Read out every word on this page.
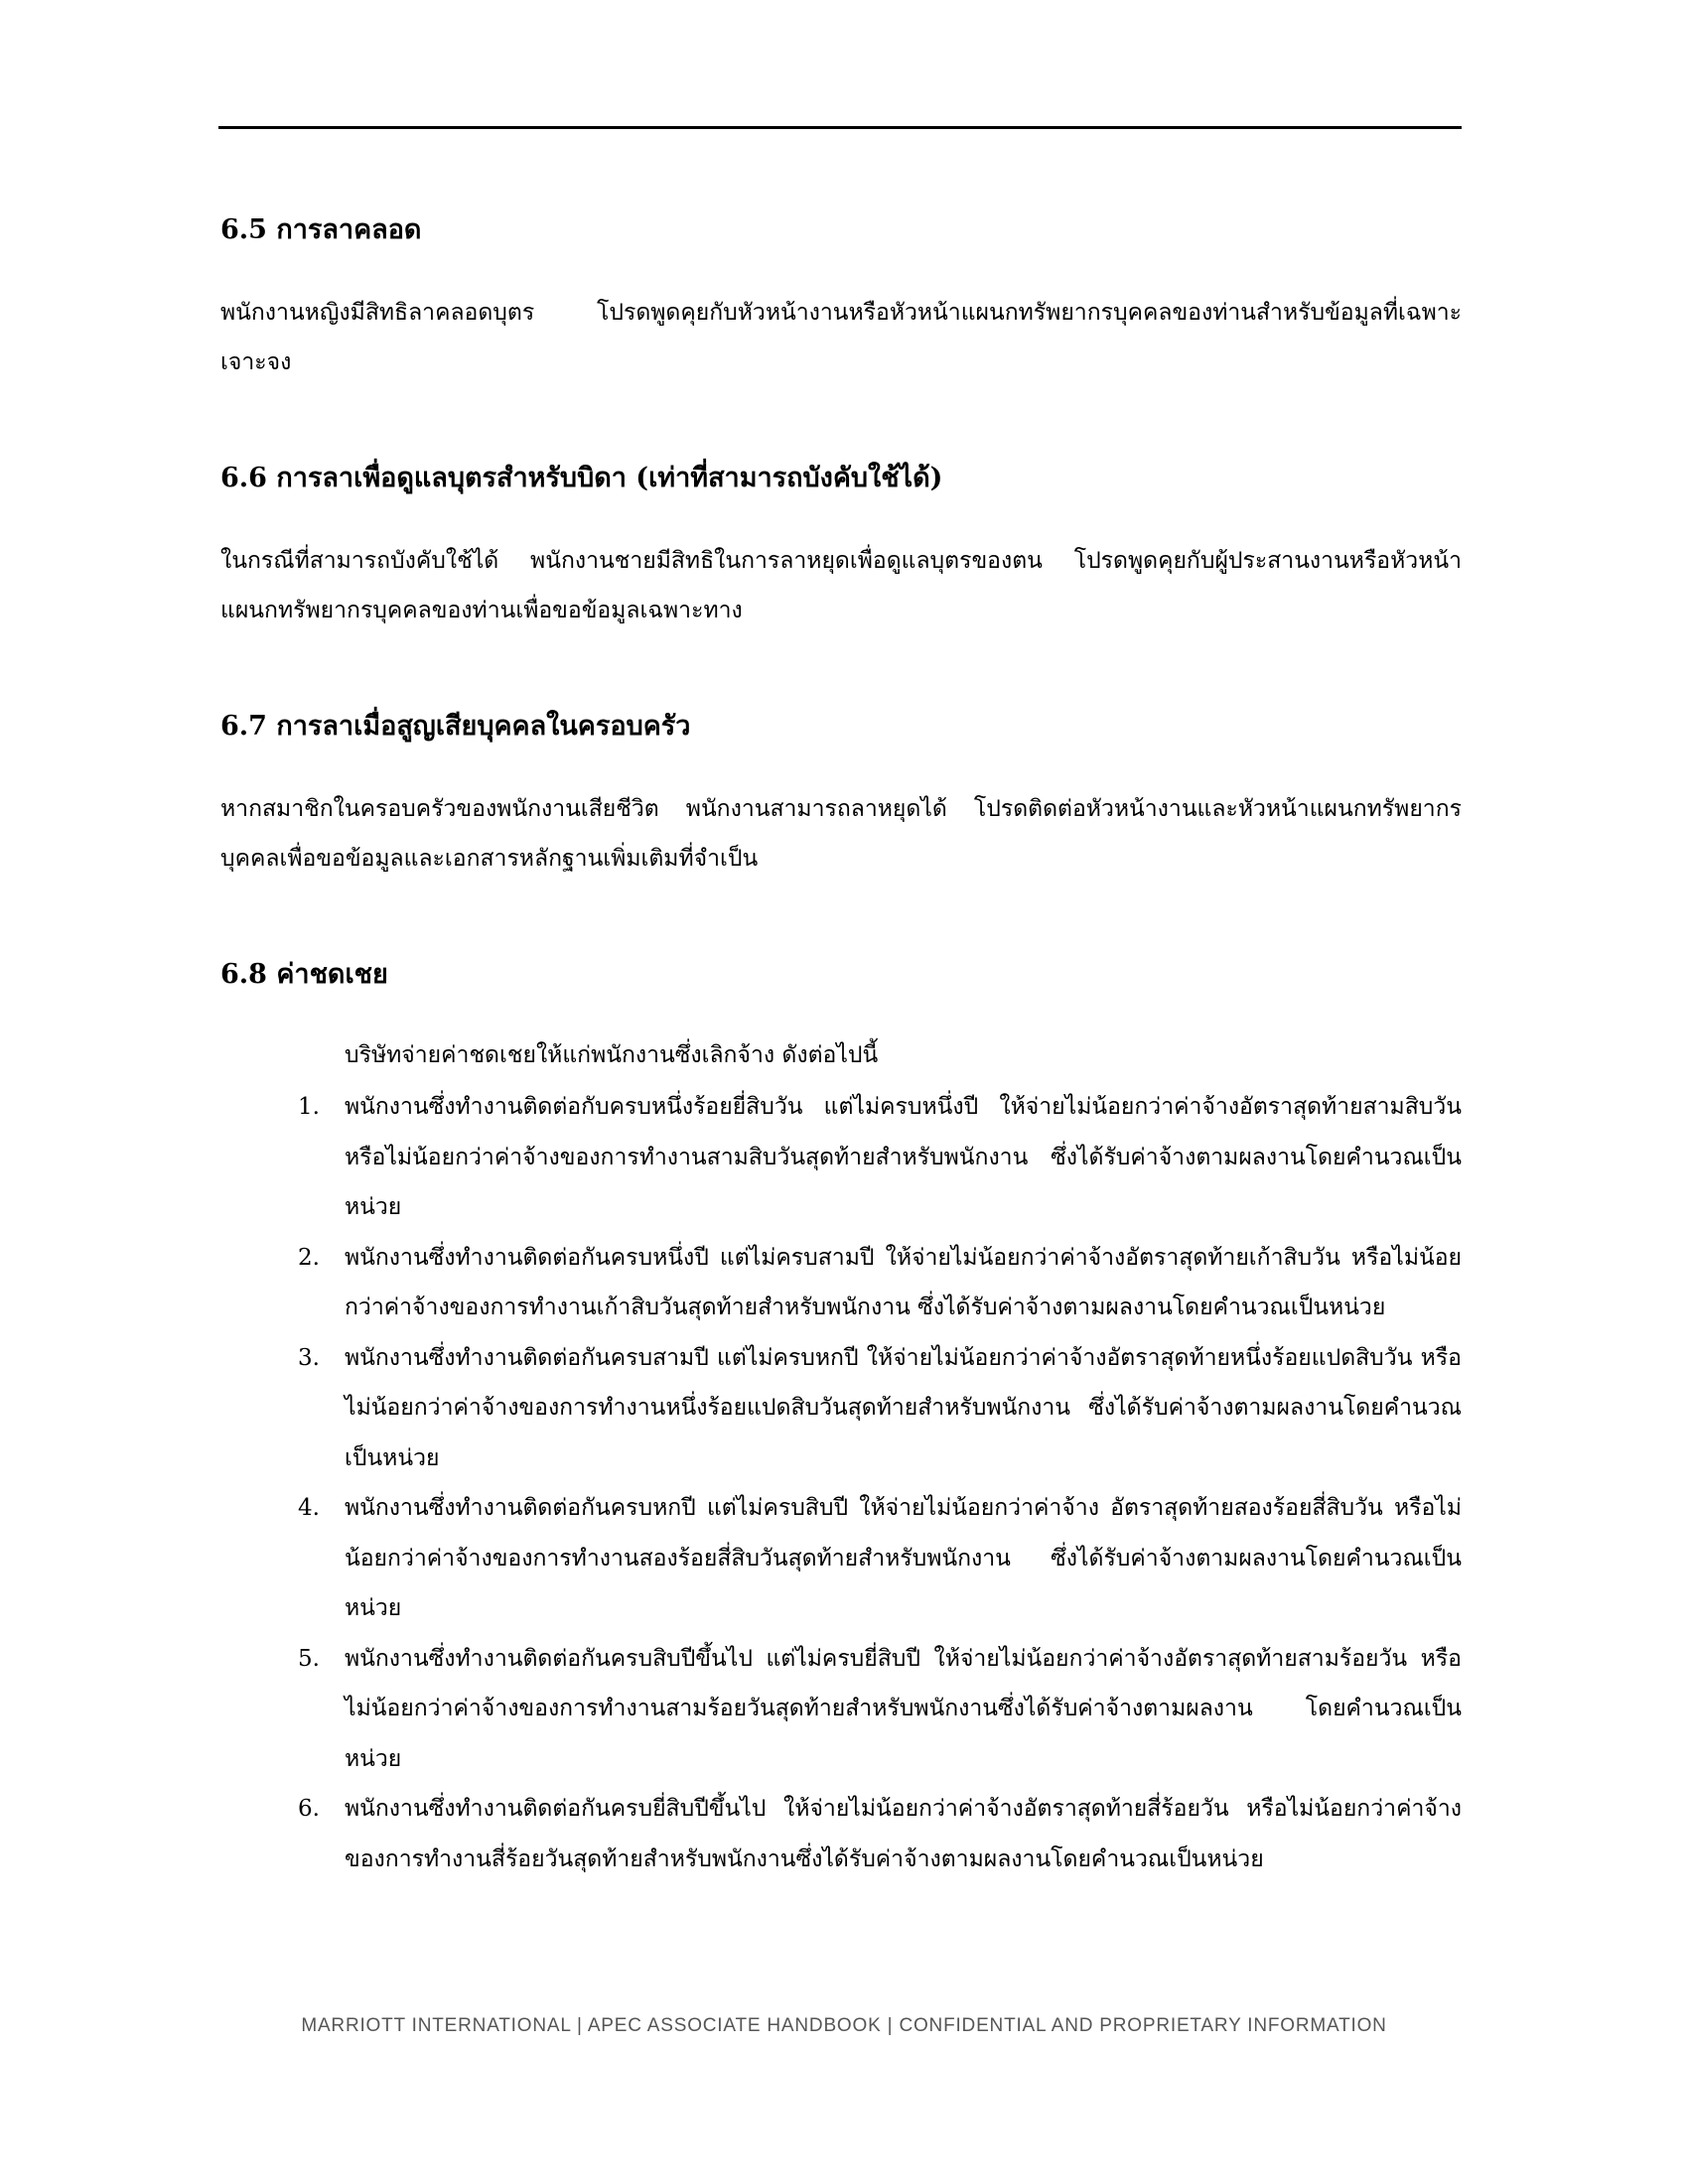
6.5 การลาคลอด

พนักงานหญิงมีสิทธิลาคลอดบุตร โปรดพูดคุยกับหัวหน้างานหรือหัวหน้าแผนกทรัพยากรบุคคลของท่านสำหรับข้อมูลที่เฉพาะเจาะจง

6.6 การลาเพื่อดูแลบุตรสำหรับบิดา (เท่าที่สามารถบังคับใช้ได้)

ในกรณีที่สามารถบังคับใช้ได้ พนักงานชายมีสิทธิในการลาหยุดเพื่อดูแลบุตรของตน โปรดพูดคุยกับผู้ประสานงานหรือหัวหน้าแผนกทรัพยากรบุคคลของท่านเพื่อขอข้อมูลเฉพาะทาง

6.7 การลาเมื่อสูญเสียบุคคลในครอบครัว

หากสมาชิกในครอบครัวของพนักงานเสียชีวิต พนักงานสามารถลาหยุดได้ โปรดติดต่อหัวหน้างานและหัวหน้าแผนกทรัพยากรบุคคลเพื่อขอข้อมูลและเอกสารหลักฐานเพิ่มเติมที่จำเป็น

6.8 ค่าชดเชย
บริษัทจ่ายค่าชดเชยให้แก่พนักงานซึ่งเลิกจ้าง ดังต่อไปนี้
1. พนักงานซึ่งทำงานติดต่อกับครบหนึ่งร้อยยี่สิบวัน แต่ไม่ครบหนึ่งปี ให้จ่ายไม่น้อยกว่าค่าจ้างอัตราสุดท้ายสามสิบวัน หรือไม่น้อยกว่าค่าจ้างของการทำงานสามสิบวันสุดท้ายสำหรับพนักงาน ซึ่งได้รับค่าจ้างตามผลงานโดยคำนวณเป็นหน่วย
2. พนักงานซึ่งทำงานติดต่อกันครบหนึ่งปี แต่ไม่ครบสามปี ให้จ่ายไม่น้อยกว่าค่าจ้างอัตราสุดท้ายเก้าสิบวัน หรือไม่น้อยกว่าค่าจ้างของการทำงานเก้าสิบวันสุดท้ายสำหรับพนักงาน ซึ่งได้รับค่าจ้างตามผลงานโดยคำนวณเป็นหน่วย
3. พนักงานซึ่งทำงานติดต่อกันครบสามปี แต่ไม่ครบหกปี ให้จ่ายไม่น้อยกว่าค่าจ้างอัตราสุดท้ายหนึ่งร้อยแปดสิบวัน หรือไม่น้อยกว่าค่าจ้างของการทำงานหนึ่งร้อยแปดสิบวันสุดท้ายสำหรับพนักงาน ซึ่งได้รับค่าจ้างตามผลงานโดยคำนวณเป็นหน่วย
4. พนักงานซึ่งทำงานติดต่อกันครบหกปี แต่ไม่ครบสิบปี ให้จ่ายไม่น้อยกว่าค่าจ้าง อัตราสุดท้ายสองร้อยสี่สิบวัน หรือไม่น้อยกว่าค่าจ้างของการทำงานสองร้อยสี่สิบวันสุดท้ายสำหรับพนักงาน ซึ่งได้รับค่าจ้างตามผลงานโดยคำนวณเป็นหน่วย
5. พนักงานซึ่งทำงานติดต่อกันครบสิบปีขึ้นไป แต่ไม่ครบยี่สิบปี ให้จ่ายไม่น้อยกว่าค่าจ้างอัตราสุดท้ายสามร้อยวัน หรือไม่น้อยกว่าค่าจ้างของการทำงานสามร้อยวันสุดท้ายสำหรับพนักงานซึ่งได้รับค่าจ้างตามผลงาน โดยคำนวณเป็นหน่วย
6. พนักงานซึ่งทำงานติดต่อกันครบยี่สิบปีขึ้นไป ให้จ่ายไม่น้อยกว่าค่าจ้างอัตราสุดท้ายสี่ร้อยวัน หรือไม่น้อยกว่าค่าจ้างของการทำงานสี่ร้อยวันสุดท้ายสำหรับพนักงานซึ่งได้รับค่าจ้างตามผลงานโดยคำนวณเป็นหน่วย
MARRIOTT INTERNATIONAL | APEC ASSOCIATE HANDBOOK | CONFIDENTIAL AND PROPRIETARY INFORMATION
